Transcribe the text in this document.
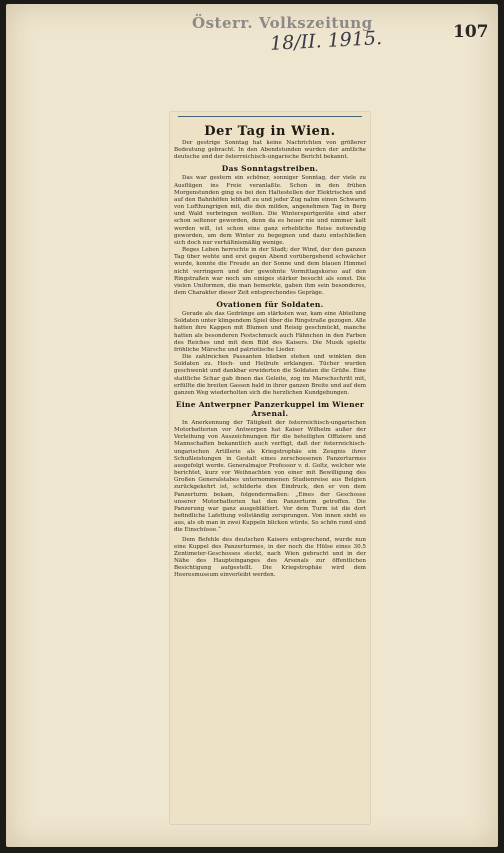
Österr. Volkszeitung	107
18/II. 1915.
Der Tag in Wien.

Der gestrige Sonntag hat keine Nachrichten von größerer Bedeutung gebracht. In den Abendstunden wurden der amtliche deutsche und der österreichisch-ungarische Bericht bekannt.

Das Sonntagstreiben.

Das war gestern ein schöner, sonniger Sonntag, der viele zu Ausflügen ins Freie veranlaßte. Schon in den frühen Morgenstunden ging es bei den Haltestellen der Elektrischen und auf den Bahnhöfen lebhaft zu und jeder Zug nahm einen Schwarm von Lufthungrigen mit, die den milden, angenehmen Tag in Berg und Wald verbringen wollten. Die Wintersportgeräte sind aber schon seltener geworden, denn da es heuer nie und nimmer kalt werden will, ist schon eine ganz erhebliche Reise notwendig geworden, um dem Winter zu begegnen und dazu entschließen sich doch nur verhältnismäßig wenige.

Reges Leben herrschte in der Stadt; der Wind, der den ganzen Tag über wehte und erst gegen Abend vorübergehend schwächer wurde, konnte die Freude an der Sonne und dem blauen Himmel nicht verringern und der gewohnte Vormittagskorso auf den Ringstraßen war noch um einiges stärker besucht als sonst. Die vielen Uniformen, die man bemerkte, gaben ihm sein besonderes, dem Charakter dieser Zeit entsprechendes Gepräge.

Ovationen für Soldaten.

Gerade als das Gedränge am stärksten war, kam eine Abteilung Soldaten unter klingendem Spiel über die Ringstraße gezogen. Alle hatten ihre Kappen mit Blumen und Reisig geschmückt, manche hatten als besonderen Festschmuck auch Fähnchen in den Farben des Reiches und mit dem Bild des Kaisers. Die Musik spielte fröhliche Märsche und patriotische Lieder.

Die zahlreichen Passanten blieben stehen und winkten den Soldaten zu. Hoch- und Heilrufe erklangen. Tücher wurden geschwenkt und dankbar erwiderten die Soldaten die Grüße. Eine stattliche Schar gab ihnen das Geleite, zog im Marschschritt mit, erfüllte die breiten Gassen bald in ihrer ganzen Breite und auf dem ganzen Weg wiederholten sich die herzlichen Kundgebungen.

Eine Antwerpner Panzerkuppel im Wiener Arsenal.

In Anerkennung der Tätigkeit der österreichisch-ungarischen Motorbatterien vor Antwerpen hat Kaiser Wilhelm außer der Verleihung von Auszeichnungen für die beteiligten Offiziere und Mannschaften bekanntlich auch verfügt, daß der österreichisch-ungarischen Artillerie als Kriegstrophäe ein Zeugnis ihrer Schußleistungen in Gestalt eines zerschossenen Panzerturmes ausgefolgt werde. Generalmajor Professor v. d. Goltz, welcher wie berichtet, kurz vor Weihnachten von einer mit Bewilligung des Großen Generalstabes unternommenen Studienreise aus Belgien zurückgekehrt ist, schilderte den Eindruck, den er von dem Panzerturm bekam, folgendermaßen: „Eines der Geschosse unserer Motorbatterien hat den Panzerturm getroffen. Die Panzerung war ganz ausgeblättert. Vor dem Turm ist die dort befindliche Lafettung vollständig zersprungen. Von innen sieht es aus, als ob man in zwei Kuppeln blicken würde. So schön rund sind die Einschüsse.“

Dem Befehle des deutschen Kaisers entsprechend, wurde nun eine Kuppel des Panzerturmes, in der noch die Hülse eines 30.5 Zentimeter-Geschosses steckt, nach Wien gebracht und in der Nähe des Haupteinganges des Arsenals zur öffentlichen Besichtigung aufgestellt. Die Kriegstrophäe wird dem Heeresmuseum einverleibt werden.
